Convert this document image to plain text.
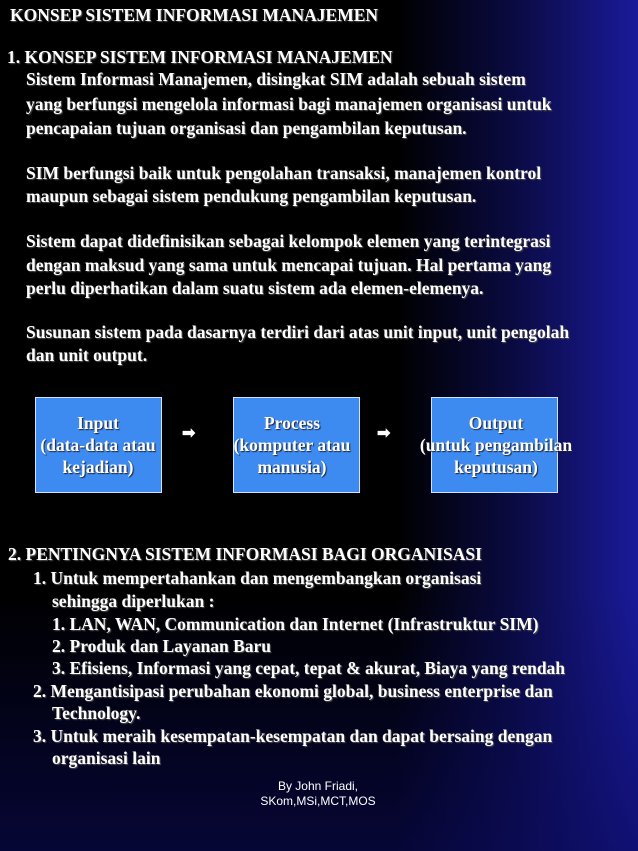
KONSEP SISTEM INFORMASI MANAJEMEN
1. KONSEP SISTEM INFORMASI MANAJEMEN
Sistem Informasi Manajemen, disingkat SIM adalah sebuah sistem
yang berfungsi mengelola informasi bagi manajemen organisasi untuk
pencapaian tujuan organisasi dan pengambilan keputusan.
SIM berfungsi baik untuk pengolahan transaksi, manajemen kontrol
maupun sebagai sistem pendukung pengambilan keputusan.
Sistem dapat didefinisikan sebagai kelompok elemen yang terintegrasi
dengan maksud yang sama untuk mencapai tujuan. Hal pertama yang
perlu diperhatikan dalam suatu sistem ada elemen-elemenya.
Susunan sistem pada dasarnya terdiri dari atas unit input, unit pengolah
dan unit output.
Input
(data-data atau
kejadian)
Process
(komputer atau
manusia)
Output
(untuk pengambilan
keputusan)
➡	➡
2. PENTINGNYA SISTEM INFORMASI BAGI ORGANISASI
1. Untuk mempertahankan dan mengembangkan organisasi
sehingga diperlukan :
1. LAN, WAN, Communication dan Internet (Infrastruktur SIM)
2. Produk dan Layanan Baru
3. Efisiens, Informasi yang cepat, tepat & akurat, Biaya yang rendah
2. Mengantisipasi perubahan ekonomi global, business enterprise dan
Technology.
3. Untuk meraih kesempatan-kesempatan dan dapat bersaing dengan
organisasi lain
By John Friadi,
SKom,MSi,MCT,MOS
